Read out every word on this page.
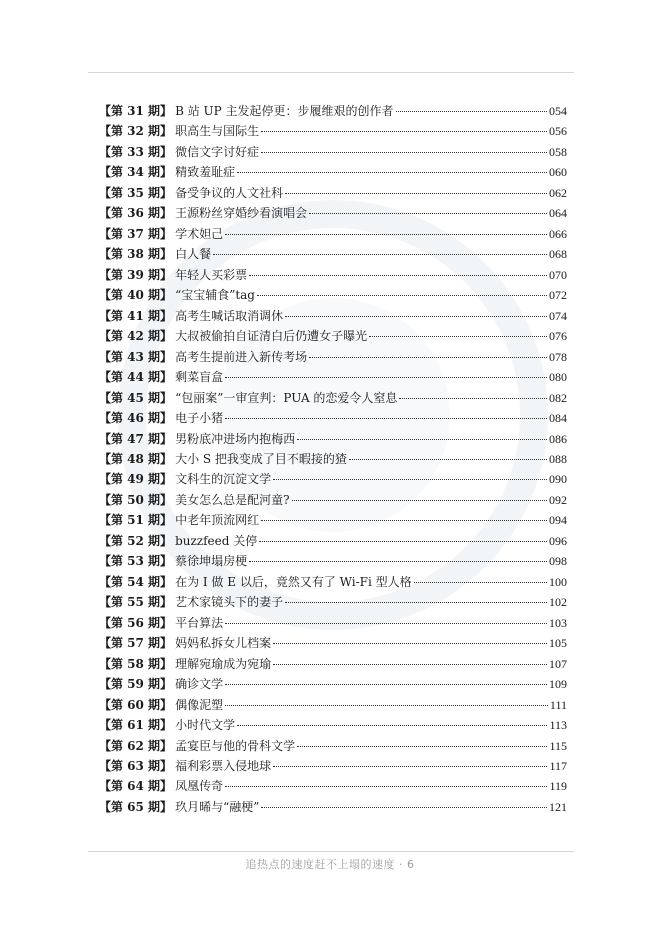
【第 31 期】 B 站 UP 主发起停更：步履维艰的创作者	054
【第 32 期】 职高生与国际生	056
【第 33 期】 微信文字讨好症	058
【第 34 期】 精致羞耻症	060
【第 35 期】 备受争议的人文社科	062
【第 36 期】 王源粉丝穿婚纱看演唱会	064
【第 37 期】 学术妲己	066
【第 38 期】 白人餐	068
【第 39 期】 年轻人买彩票	070
【第 40 期】 “宝宝辅食”tag	072
【第 41 期】 高考生喊话取消调休	074
【第 42 期】 大叔被偷拍自证清白后仍遭女子曝光	076
【第 43 期】 高考生提前进入新传考场	078
【第 44 期】 剩菜盲盒	080
【第 45 期】 “包丽案”一审宣判：PUA 的恋爱令人窒息	082
【第 46 期】 电子小猪	084
【第 47 期】 男粉底冲进场内抱梅西	086
【第 48 期】 大小 S 把我变成了目不暇接的猹	088
【第 49 期】 文科生的沉淀文学	090
【第 50 期】 美女怎么总是配河童?	092
【第 51 期】 中老年顶流网红	094
【第 52 期】 buzzfeed 关停	096
【第 53 期】 蔡徐坤塌房梗	098
【第 54 期】 在为 I 做 E 以后，竟然又有了 Wi-Fi 型人格	100
【第 55 期】 艺术家镜头下的妻子	102
【第 56 期】 平台算法	103
【第 57 期】 妈妈私拆女儿档案	105
【第 58 期】 理解宛瑜成为宛瑜	107
【第 59 期】 确诊文学	109
【第 60 期】 偶像泥塑	111
【第 61 期】 小时代文学	113
【第 62 期】 孟宴臣与他的骨科文学	115
【第 63 期】 福利彩票入侵地球	117
【第 64 期】 凤凰传奇	119
【第 65 期】 玖月晞与“融梗”	121
追热点的速度赶不上塌的速度 · 6
